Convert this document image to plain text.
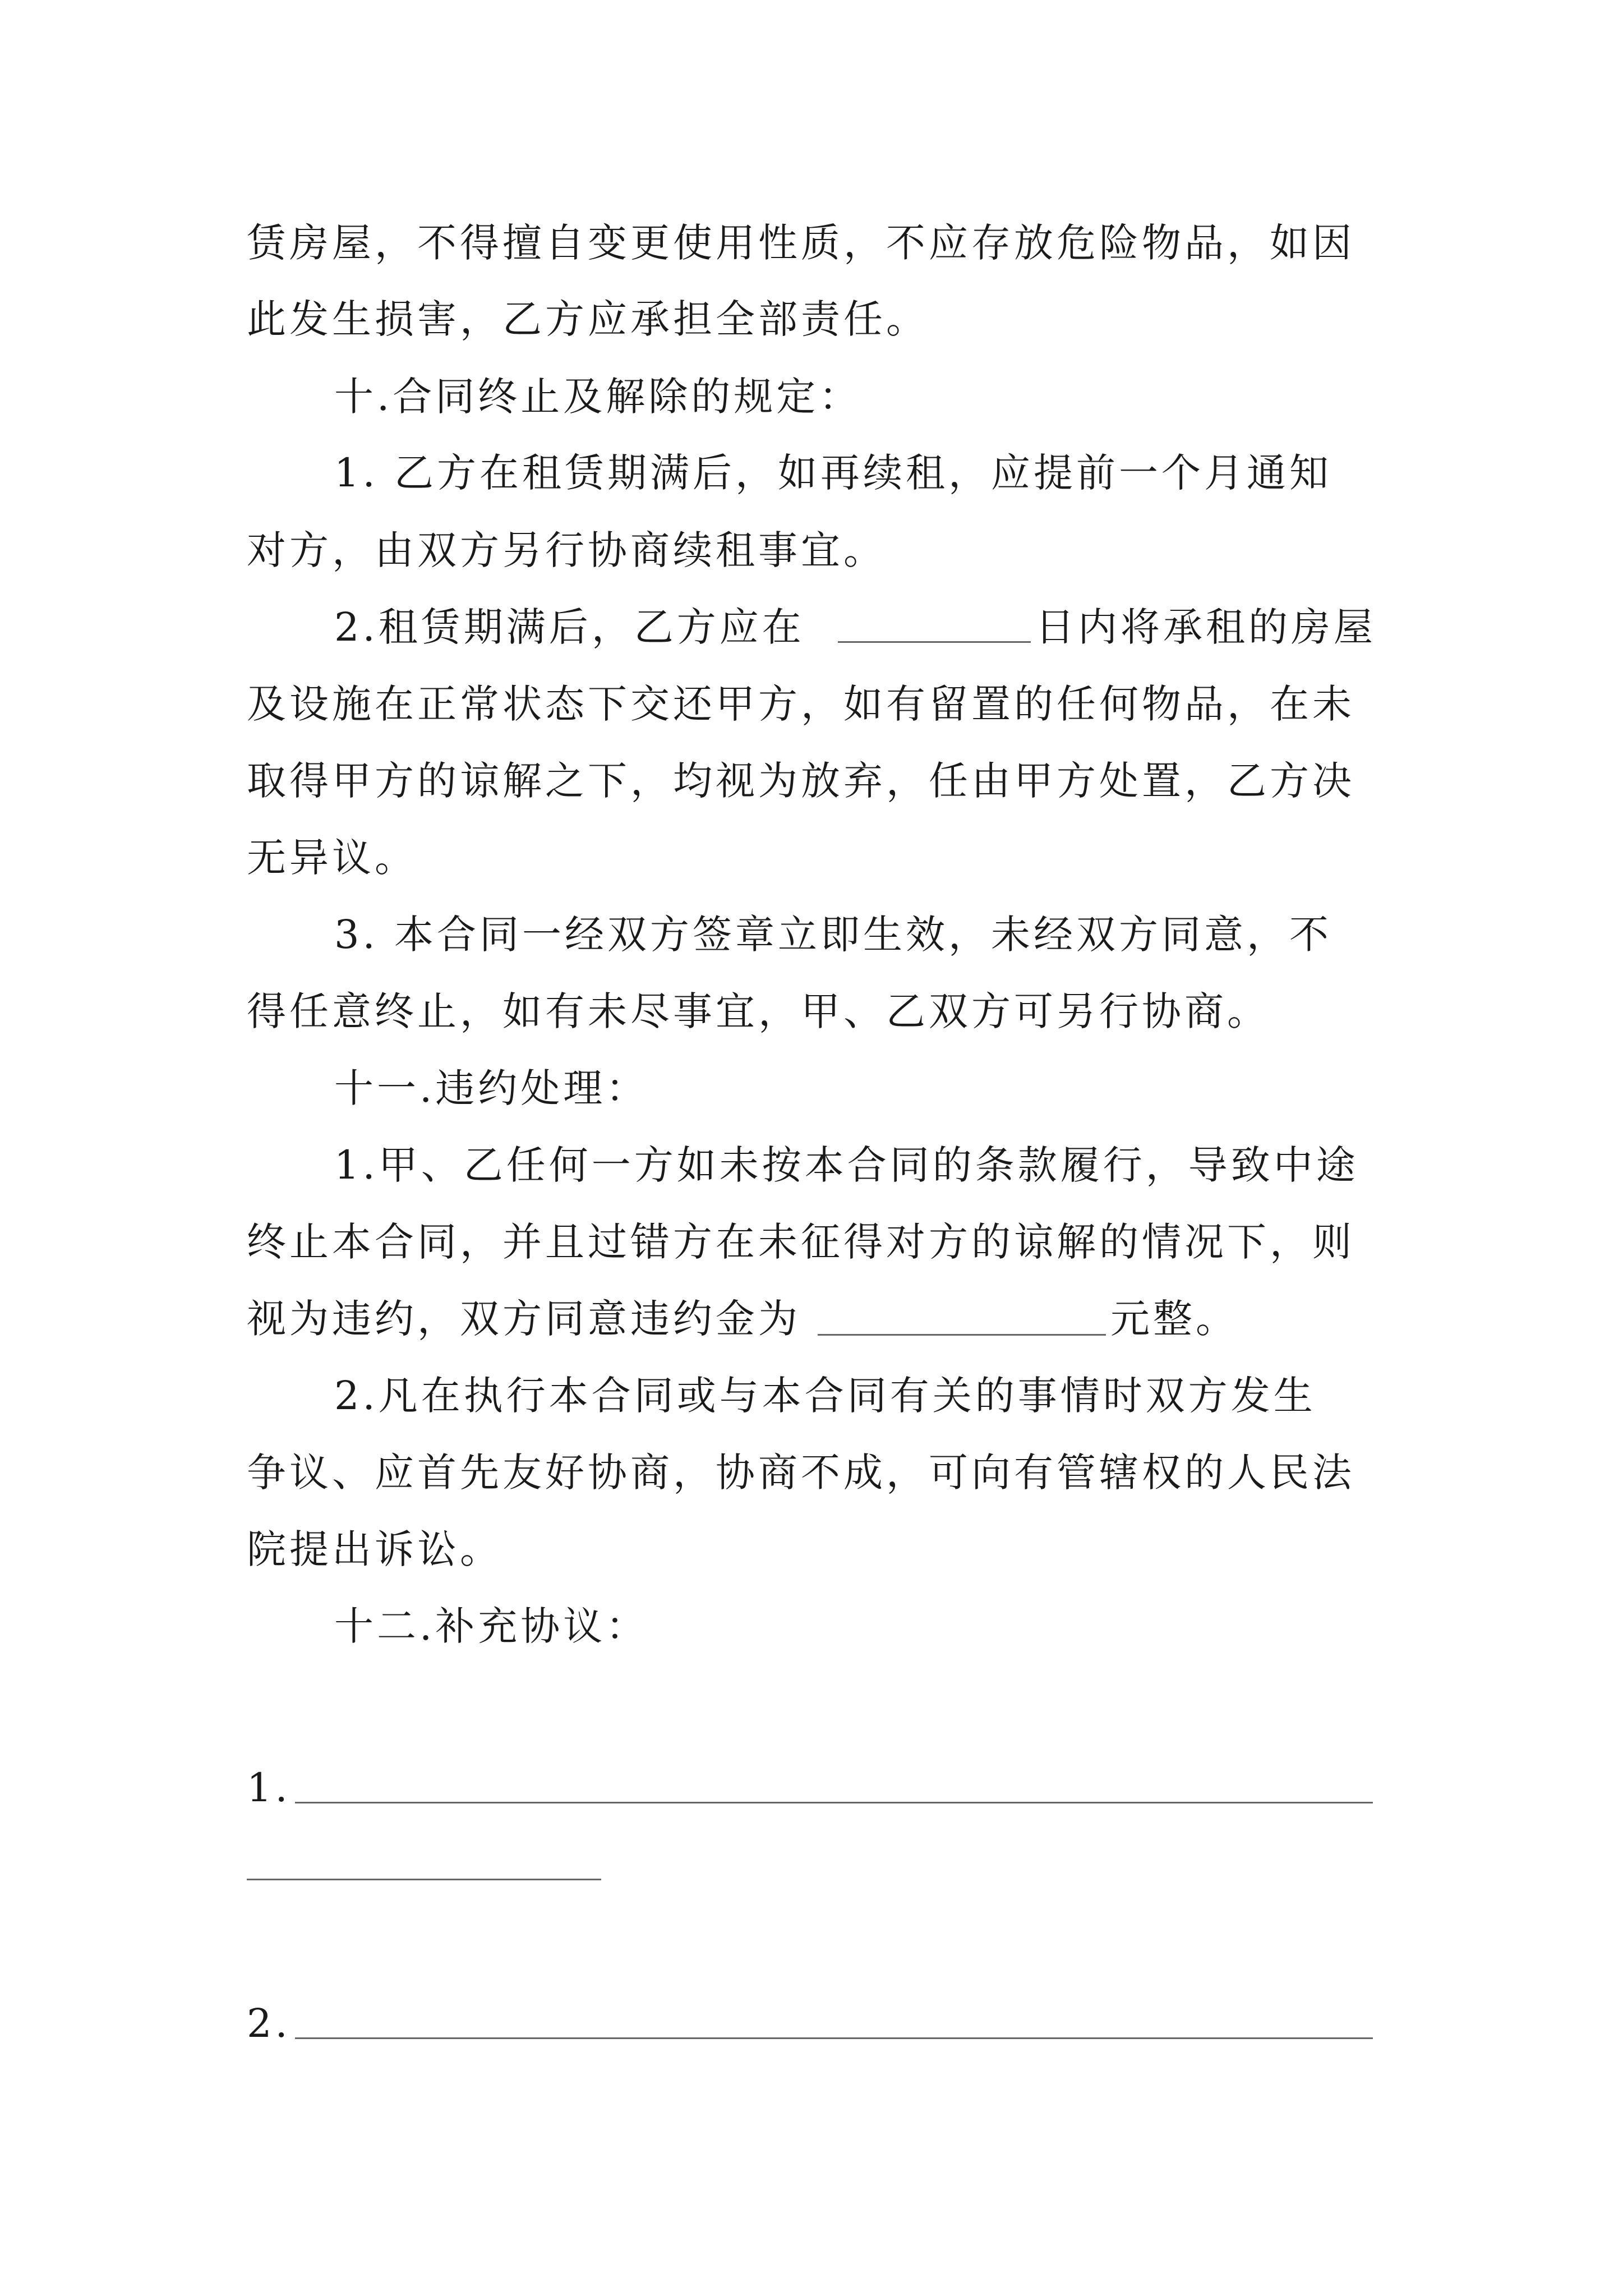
赁房屋，不得擅自变更使用性质，不应存放危险物品，如因
此发生损害，乙方应承担全部责任。
十.合同终止及解除的规定：
1. 乙方在租赁期满后，如再续租，应提前一个月通知
对方，由双方另行协商续租事宜。
2.租赁期满后，乙方应在	日内将承租的房屋
及设施在正常状态下交还甲方，如有留置的任何物品，在未
取得甲方的谅解之下，均视为放弃，任由甲方处置，乙方决
无异议。
3. 本合同一经双方签章立即生效，未经双方同意，不
得任意终止，如有未尽事宜，甲、乙双方可另行协商。
十一.违约处理：
1.甲、乙任何一方如未按本合同的条款履行，导致中途
终止本合同，并且过错方在未征得对方的谅解的情况下，则
视为违约，双方同意违约金为	元整。
2.凡在执行本合同或与本合同有关的事情时双方发生
争议、应首先友好协商，协商不成，可向有管辖权的人民法
院提出诉讼。
十二.补充协议：
1.
2.
